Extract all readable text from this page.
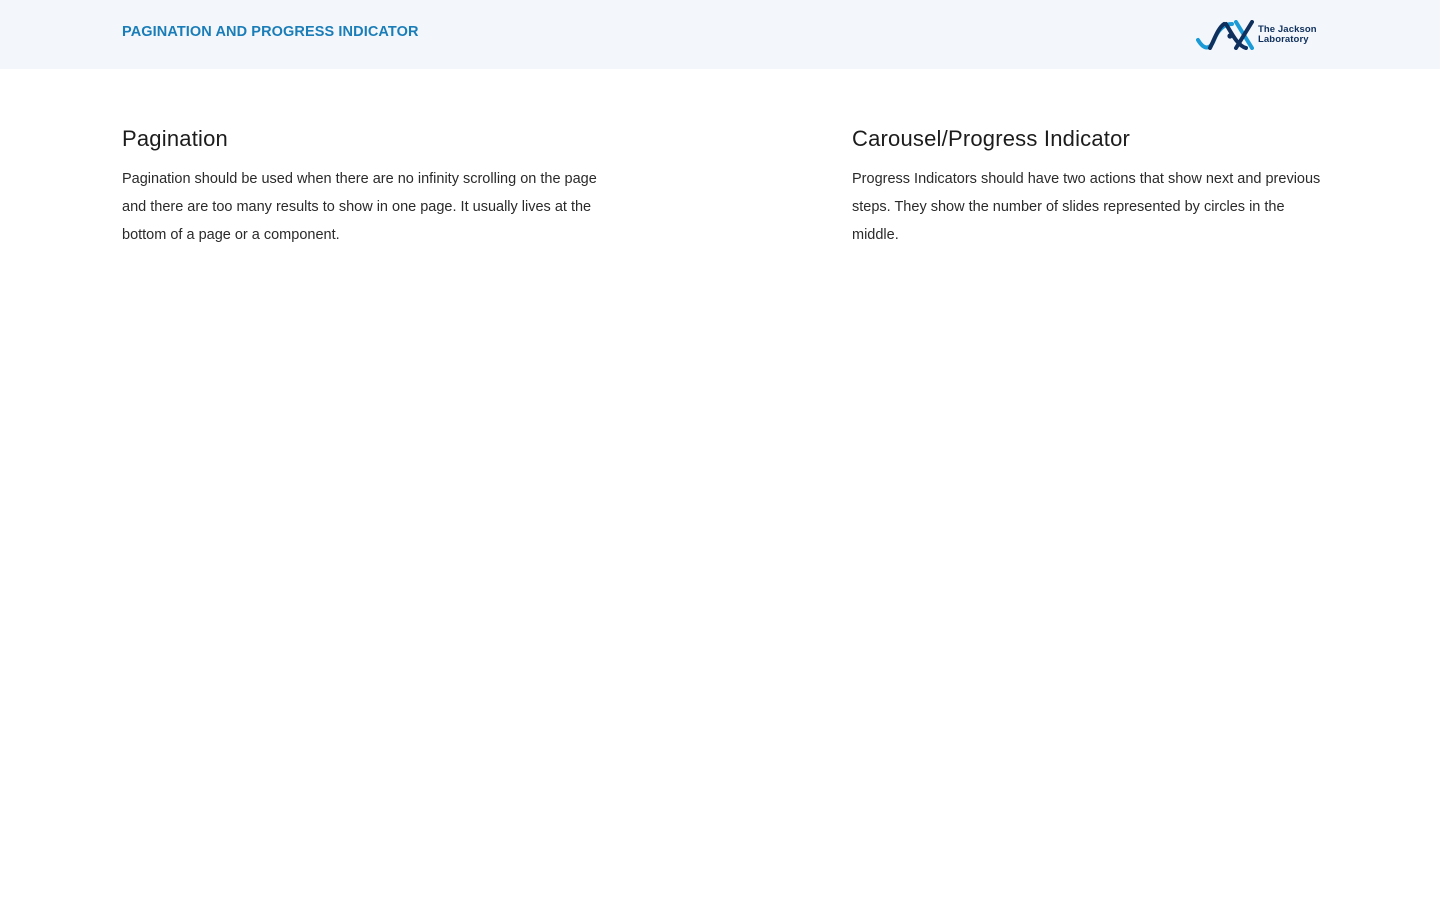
PAGINATION AND PROGRESS INDICATOR	The Jackson
Laboratory
Pagination

Pagination should be used when there are no infinity scrolling on the page and there are too many results to show in one page. It usually lives at the bottom of a page or a component.

Carousel/Progress Indicator

Progress Indicators should have two actions that show next and previous steps. They show the number of slides represented by circles in the middle.
